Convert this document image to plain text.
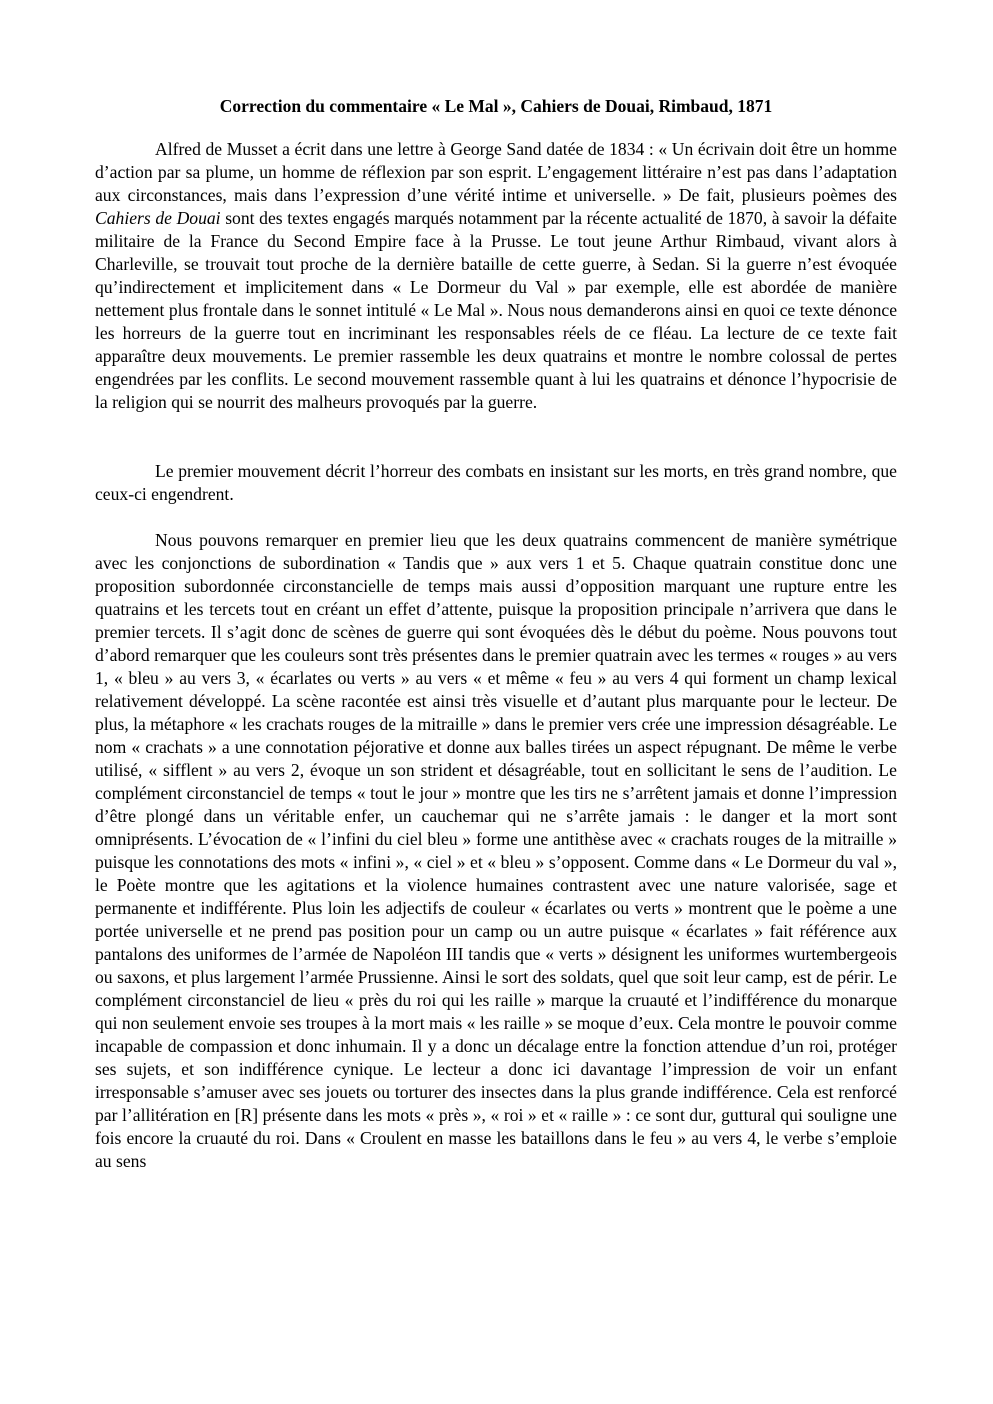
Correction du commentaire « Le Mal », Cahiers de Douai, Rimbaud, 1871

Alfred de Musset a écrit dans une lettre à George Sand datée de 1834 : « Un écrivain doit être un homme d’action par sa plume, un homme de réflexion par son esprit. L’engagement littéraire n’est pas dans l’adaptation aux circonstances, mais dans l’expression d’une vérité intime et universelle. » De fait, plusieurs poèmes des Cahiers de Douai sont des textes engagés marqués notamment par la récente actualité de 1870, à savoir la défaite militaire de la France du Second Empire face à la Prusse. Le tout jeune Arthur Rimbaud, vivant alors à Charleville, se trouvait tout proche de la dernière bataille de cette guerre, à Sedan. Si la guerre n’est évoquée qu’indirectement et implicitement dans « Le Dormeur du Val » par exemple, elle est abordée de manière nettement plus frontale dans le sonnet intitulé « Le Mal ». Nous nous demanderons ainsi en quoi ce texte dénonce les horreurs de la guerre tout en incriminant les responsables réels de ce fléau. La lecture de ce texte fait apparaître deux mouvements. Le premier rassemble les deux quatrains et montre le nombre colossal de pertes engendrées par les conflits. Le second mouvement rassemble quant à lui les quatrains et dénonce l’hypocrisie de la religion qui se nourrit des malheurs provoqués par la guerre.

Le premier mouvement décrit l’horreur des combats en insistant sur les morts, en très grand nombre, que ceux-ci engendrent.

Nous pouvons remarquer en premier lieu que les deux quatrains commencent de manière symétrique avec les conjonctions de subordination « Tandis que » aux vers 1 et 5. Chaque quatrain constitue donc une proposition subordonnée circonstancielle de temps mais aussi d’opposition marquant une rupture entre les quatrains et les tercets tout en créant un effet d’attente, puisque la proposition principale n’arrivera que dans le premier tercets. Il s’agit donc de scènes de guerre qui sont évoquées dès le début du poème. Nous pouvons tout d’abord remarquer que les couleurs sont très présentes dans le premier quatrain avec les termes « rouges » au vers 1, « bleu » au vers 3, « écarlates ou verts » au vers « et même « feu » au vers 4 qui forment un champ lexical relativement développé. La scène racontée est ainsi très visuelle et d’autant plus marquante pour le lecteur. De plus, la métaphore « les crachats rouges de la mitraille » dans le premier vers crée une impression désagréable. Le nom « crachats » a une connotation péjorative et donne aux balles tirées un aspect répugnant. De même le verbe utilisé, « sifflent » au vers 2, évoque un son strident et désagréable, tout en sollicitant le sens de l’audition. Le complément circonstanciel de temps « tout le jour » montre que les tirs ne s’arrêtent jamais et donne l’impression d’être plongé dans un véritable enfer, un cauchemar qui ne s’arrête jamais : le danger et la mort sont omniprésents. L’évocation de « l’infini du ciel bleu » forme une antithèse avec « crachats rouges de la mitraille » puisque les connotations des mots « infini », « ciel » et « bleu » s’opposent. Comme dans « Le Dormeur du val », le Poète montre que les agitations et la violence humaines contrastent avec une nature valorisée, sage et permanente et indifférente. Plus loin les adjectifs de couleur « écarlates ou verts » montrent que le poème a une portée universelle et ne prend pas position pour un camp ou un autre puisque « écarlates » fait référence aux pantalons des uniformes de l’armée de Napoléon III tandis que « verts » désignent les uniformes wurtembergeois ou saxons, et plus largement l’armée Prussienne. Ainsi le sort des soldats, quel que soit leur camp, est de périr. Le complément circonstanciel de lieu « près du roi qui les raille » marque la cruauté et l’indifférence du monarque qui non seulement envoie ses troupes à la mort mais « les raille » se moque d’eux. Cela montre le pouvoir comme incapable de compassion et donc inhumain. Il y a donc un décalage entre la fonction attendue d’un roi, protéger ses sujets, et son indifférence cynique. Le lecteur a donc ici davantage l’impression de voir un enfant irresponsable s’amuser avec ses jouets ou torturer des insectes dans la plus grande indifférence. Cela est renforcé par l’allitération en [R] présente dans les mots « près », « roi » et « raille » : ce sont dur, guttural qui souligne une fois encore la cruauté du roi. Dans « Croulent en masse les bataillons dans le feu » au vers 4, le verbe s’emploie au sens
